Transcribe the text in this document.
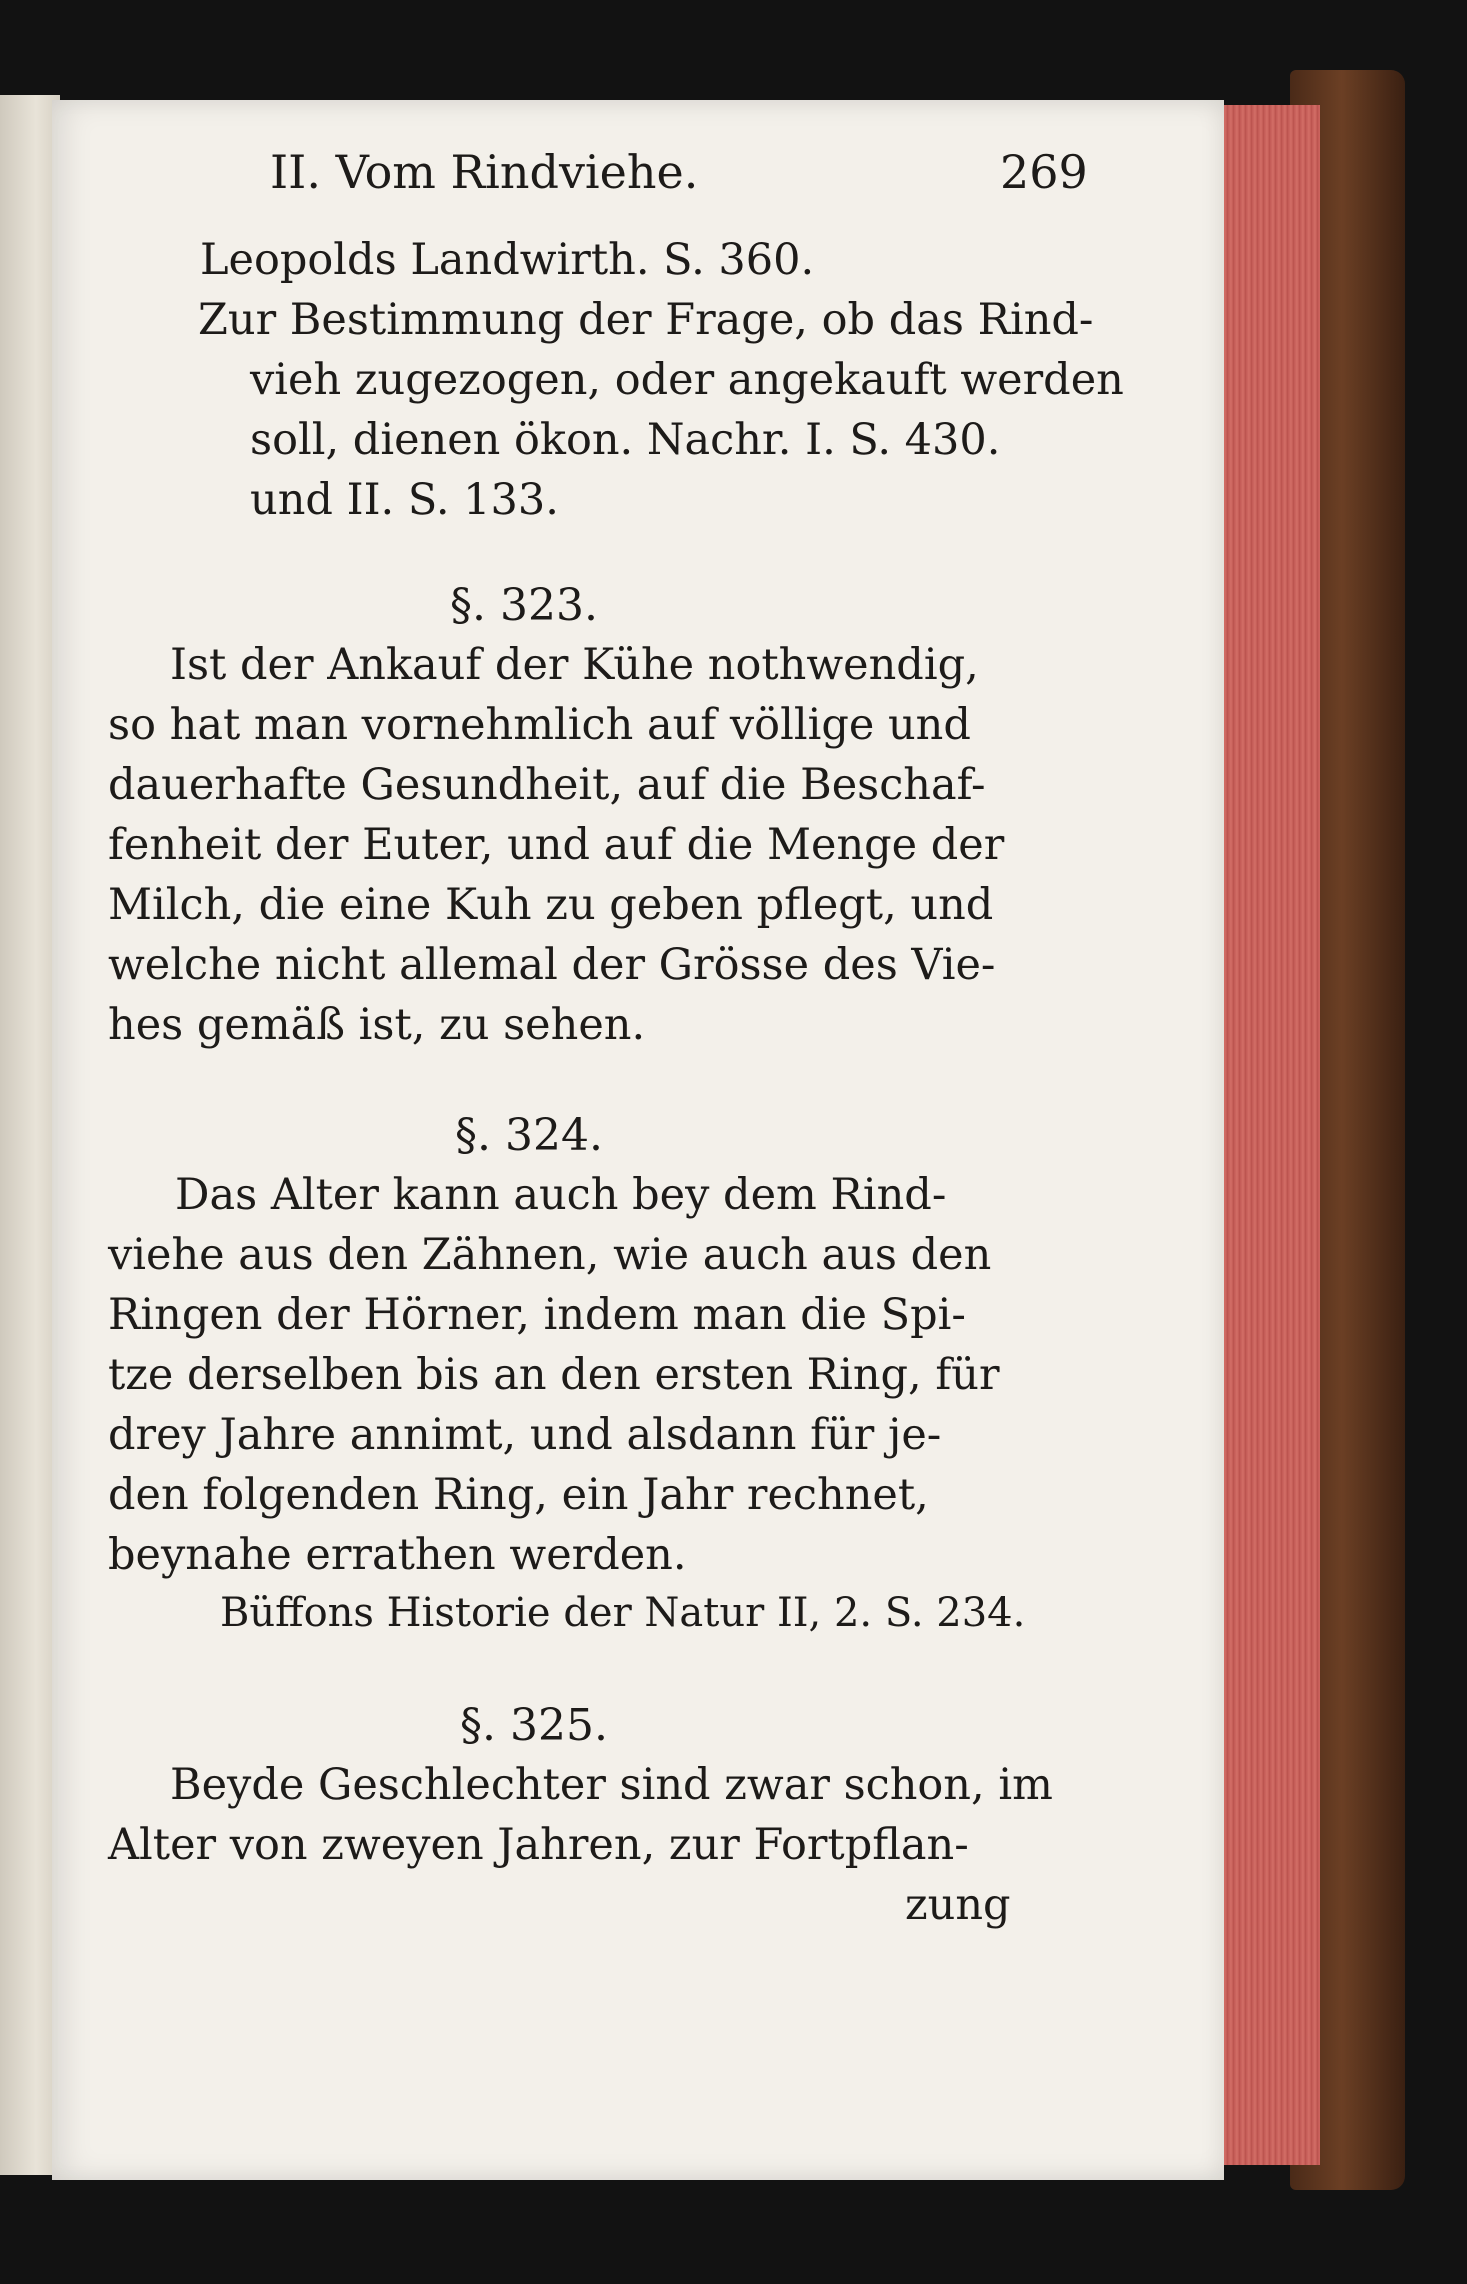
II. Vom Rindviehe.	269
Leopolds Landwirth. S. 360.
Zur Bestimmung der Frage, ob das Rind-
vieh zugezogen, oder angekauft werden
soll, dienen ökon. Nachr. I. S. 430.
und II. S. 133.
§. 323.
Ist der Ankauf der Kühe nothwendig,
so hat man vornehmlich auf völlige und
dauerhafte Gesundheit, auf die Beschaf-
fenheit der Euter, und auf die Menge der
Milch, die eine Kuh zu geben pflegt, und
welche nicht allemal der Grösse des Vie-
hes gemäß ist, zu sehen.
§. 324.
Das Alter kann auch bey dem Rind-
viehe aus den Zähnen, wie auch aus den
Ringen der Hörner, indem man die Spi-
tze derselben bis an den ersten Ring, für
drey Jahre annimt, und alsdann für je-
den folgenden Ring, ein Jahr rechnet,
beynahe errathen werden.
Büffons Historie der Natur II, 2. S. 234.
§. 325.
Beyde Geschlechter sind zwar schon, im
Alter von zweyen Jahren, zur Fortpflan-
zung
